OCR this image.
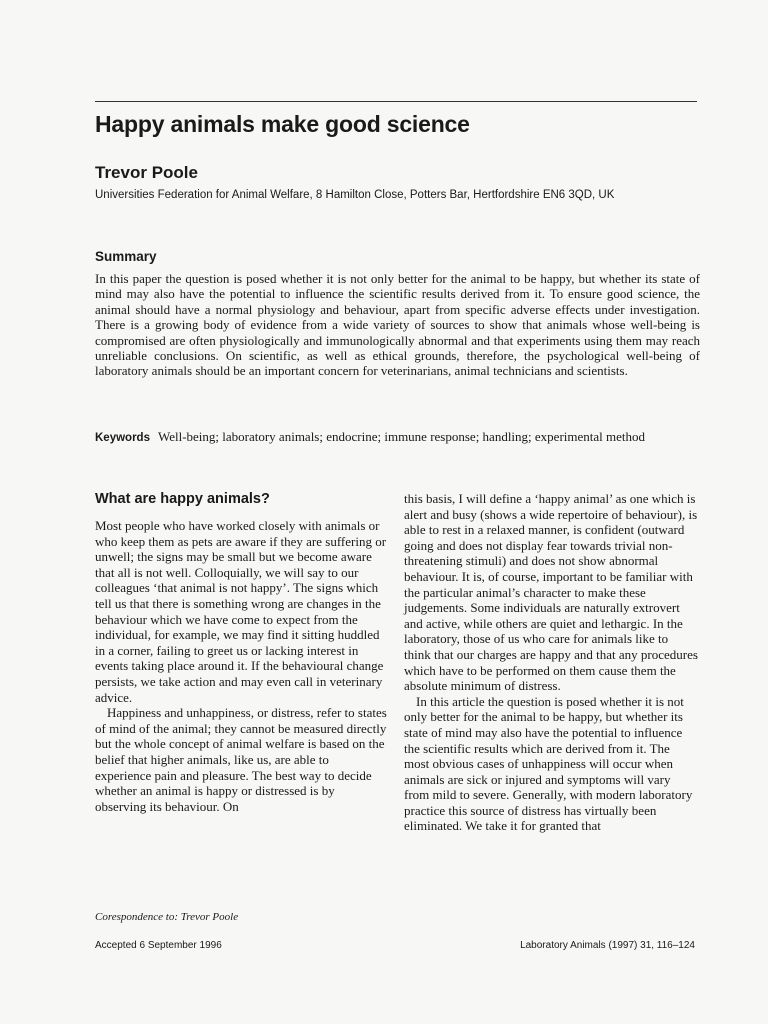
Happy animals make good science
Trevor Poole
Universities Federation for Animal Welfare, 8 Hamilton Close, Potters Bar, Hertfordshire EN6 3QD, UK
Summary

In this paper the question is posed whether it is not only better for the animal to be happy, but whether its state of mind may also have the potential to influence the scientific results derived from it. To ensure good science, the animal should have a normal physiology and behaviour, apart from specific adverse effects under investigation. There is a growing body of evidence from a wide variety of sources to show that animals whose well-being is compromised are often physiologically and immunologically abnormal and that experiments using them may reach unreliable conclusions. On scientific, as well as ethical grounds, therefore, the psychological well-being of laboratory animals should be an important concern for veterinarians, animal technicians and scientists.

Keywords Well-being; laboratory animals; endocrine; immune response; handling; experimental method

What are happy animals?

Most people who have worked closely with animals or who keep them as pets are aware if they are suffering or unwell; the signs may be small but we become aware that all is not well. Colloquially, we will say to our colleagues ‘that animal is not happy’. The signs which tell us that there is something wrong are changes in the behaviour which we have come to expect from the individual, for example, we may find it sitting huddled in a corner, failing to greet us or lacking interest in events taking place around it. If the behavioural change persists, we take action and may even call in veterinary advice.

Happiness and unhappiness, or distress, refer to states of mind of the animal; they cannot be measured directly but the whole concept of animal welfare is based on the belief that higher animals, like us, are able to experience pain and pleasure. The best way to decide whether an animal is happy or distressed is by observing its behaviour. On

this basis, I will define a ‘happy animal’ as one which is alert and busy (shows a wide repertoire of behaviour), is able to rest in a relaxed manner, is confident (outward going and does not display fear towards trivial non-threatening stimuli) and does not show abnormal behaviour. It is, of course, important to be familiar with the particular animal’s character to make these judgements. Some individuals are naturally extrovert and active, while others are quiet and lethargic. In the laboratory, those of us who care for animals like to think that our charges are happy and that any procedures which have to be performed on them cause them the absolute minimum of distress.

In this article the question is posed whether it is not only better for the animal to be happy, but whether its state of mind may also have the potential to influence the scientific results which are derived from it. The most obvious cases of unhappiness will occur when animals are sick or injured and symptoms will vary from mild to severe. Generally, with modern laboratory practice this source of distress has virtually been eliminated. We take it for granted that

Corespondence to: Trevor Poole
Accepted 6 September 1996	Laboratory Animals (1997) 31, 116–124
